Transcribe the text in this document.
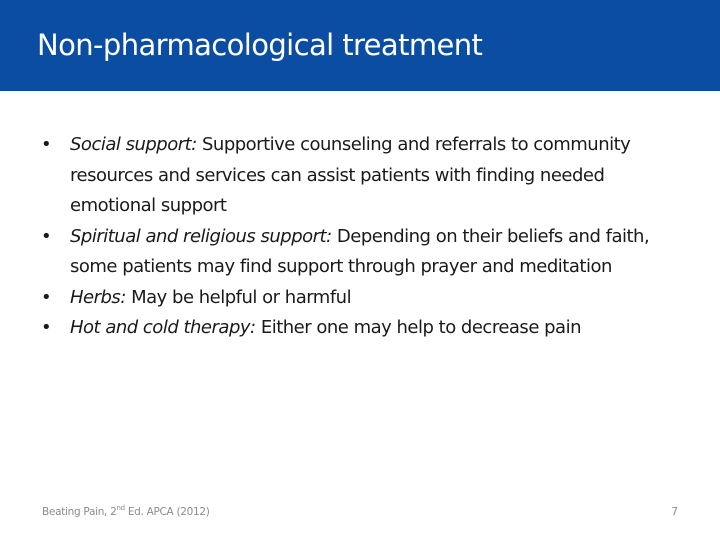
Non-pharmacological treatment
• Social support: Supportive counseling and referrals to community resources and services can assist patients with finding needed emotional support
• Spiritual and religious support: Depending on their beliefs and faith, some patients may find support through prayer and meditation
• Herbs: May be helpful or harmful
• Hot and cold therapy: Either one may help to decrease pain
Beating Pain, 2nd Ed. APCA (2012)	7
